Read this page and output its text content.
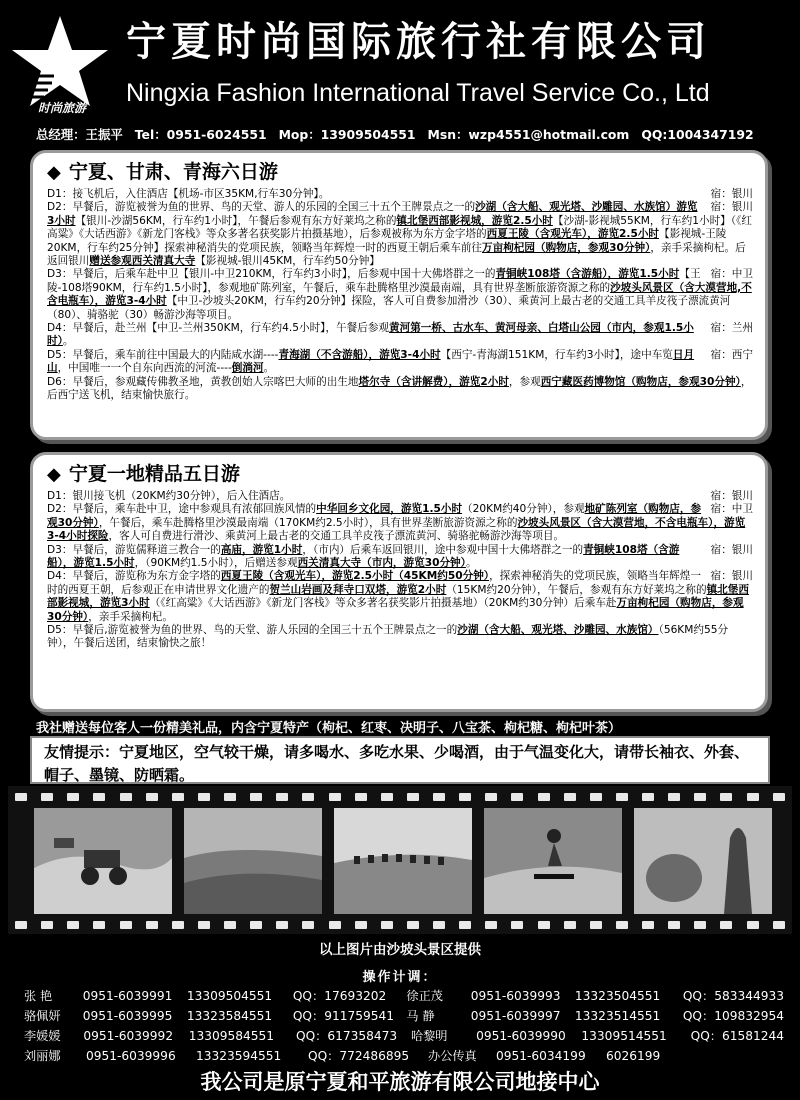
时尚旅游
宁夏时尚国际旅行社有限公司
Ningxia Fashion International Travel Service Co., Ltd
总经理：王振平 Tel：0951-6024551 Mop：13909504551 Msn：wzp4551@hotmail.com QQ:1004347192
◆ 宁夏、甘肃、青海六日游
宿：银川
D1：接飞机后，入住酒店【机场-市区35KM,行车30分钟】。
宿：银川
D2：早餐后，游览被誉为鱼的世界、鸟的天堂、游人的乐园的全国三十五个王牌景点之一的沙湖（含大船、观光塔、沙雕园、水族馆）游览3小时【银川-沙湖56KM，行车约1小时】，午餐后参观有东方好莱坞之称的镇北堡西部影视城，游览2.5小时【沙湖-影视城55KM，行车约1小时】（《红高粱》《大话西游》《新龙门客栈》等众多著名获奖影片拍摄基地），后参观被称为东方金字塔的西夏王陵（含观光车），游览2.5小时【影视城-王陵20KM，行车约25分钟】探索神秘消失的党项民族，领略当年辉煌一时的西夏王朝后乘车前往万亩枸杞园（购物店，参观30分钟），亲手采摘枸杞。后返回银川赠送参观西关清真大寺【影视城-银川45KM，行车约50分钟】
宿：中卫
D3：早餐后，后乘车赴中卫【银川-中卫210KM，行车约3小时】，后参观中国十大佛塔群之一的青铜峡108塔（含游船），游览1.5小时【王陵-108塔90KM，行车约1.5小时】，参观地矿陈列室，午餐后，乘车赴腾格里沙漠最南端，具有世界垄断旅游资源之称的沙坡头风景区（含大漠营地,不含电瓶车），游览3-4小时【中卫-沙坡头20KM，行车约20分钟】探险，客人可自费参加滑沙（30）、乘黄河上最古老的交通工具羊皮筏子漂流黄河（80）、骑骆驼（30）畅游沙海等项目。
宿：兰州
D4：早餐后，赴兰州【中卫-兰州350KM，行车约4.5小时】，午餐后参观黄河第一桥、古水车、黄河母亲、白塔山公园（市内，参观1.5小时）。
宿：西宁
D5：早餐后，乘车前往中国最大的内陆咸水湖----青海湖（不含游船），游览3-4小时【西宁-青海湖151KM，行车约3小时】，途中车览日月山，中国唯一一个自东向西流的河流----倒淌河。
D6：早餐后，参观藏传佛教圣地，黄教创始人宗喀巴大师的出生地塔尔寺（含讲解费），游览2小时，参观西宁藏医药博物馆（购物店，参观30分钟），后西宁送飞机，结束愉快旅行。
◆ 宁夏一地精品五日游
宿：银川
D1：银川接飞机（20KM约30分钟），后入住酒店。
宿：中卫
D2：早餐后，乘车赴中卫，途中参观具有浓郁回族风情的中华回乡文化园，游览1.5小时（20KM约40分钟），参观地矿陈列室（购物店，参观30分钟），午餐后，乘车赴腾格里沙漠最南端（170KM约2.5小时），具有世界垄断旅游资源之称的沙坡头风景区（含大漠营地，不含电瓶车），游览3-4小时探险，客人可自费进行滑沙、乘黄河上最古老的交通工具羊皮筏子漂流黄河、骑骆驼畅游沙海等项目。
宿：银川
D3：早餐后，游览儒释道三教合一的高庙，游览1小时，（市内）后乘车返回银川，途中参观中国十大佛塔群之一的青铜峡108塔（含游船），游览1.5小时，（90KM约1.5小时），后赠送参观西关清真大寺（市内，游览30分钟）。
宿：银川
D4：早餐后，游览称为东方金字塔的西夏王陵（含观光车），游览2.5小时（45KM约50分钟），探索神秘消失的党项民族，领略当年辉煌一时的西夏王朝，后参观正在申请世界文化遗产的贺兰山岩画及拜寺口双塔，游览2小时（15KM约20分钟），午餐后，参观有东方好莱坞之称的镇北堡西部影视城，游览3小时（《红高粱》《大话西游》《新龙门客栈》等众多著名获奖影片拍摄基地）（20KM约30分钟）后乘车赴万亩枸杞园（购物店，参观30分钟），亲手采摘枸杞。
D5：早餐后,游览被誉为鱼的世界、鸟的天堂、游人乐园的全国三十五个王牌景点之一的沙湖（含大船、观光塔、沙雕园、水族馆）（56KM约55分钟），午餐后送团，结束愉快之旅！
我社赠送每位客人一份精美礼品，内含宁夏特产（枸杞、红枣、决明子、八宝茶、枸杞糖、枸杞叶茶）
友情提示：宁夏地区，空气较干燥，请多喝水、多吃水果、少喝酒，由于气温变化大，请带长袖衣、外套、帽子、墨镜、防晒霜。
以上图片由沙坡头景区提供
操作计调：
张 艳	0951-6039991	13309504551	QQ：17693202	徐正茂	0951-6039993	13323504551	QQ：583344933
骆佩妍	0951-6039995	13323584551	QQ：911759541	马 静	0951-6039997	13323514551	QQ：109832954
李媛媛	0951-6039992	13309584551	QQ：617358473	哈黎明	0951-6039990	13309514551	QQ：61581244
刘丽娜	0951-6039996	13323594551	QQ：772486895	办公传真	0951-6034199	6026199
我公司是原宁夏和平旅游有限公司地接中心
